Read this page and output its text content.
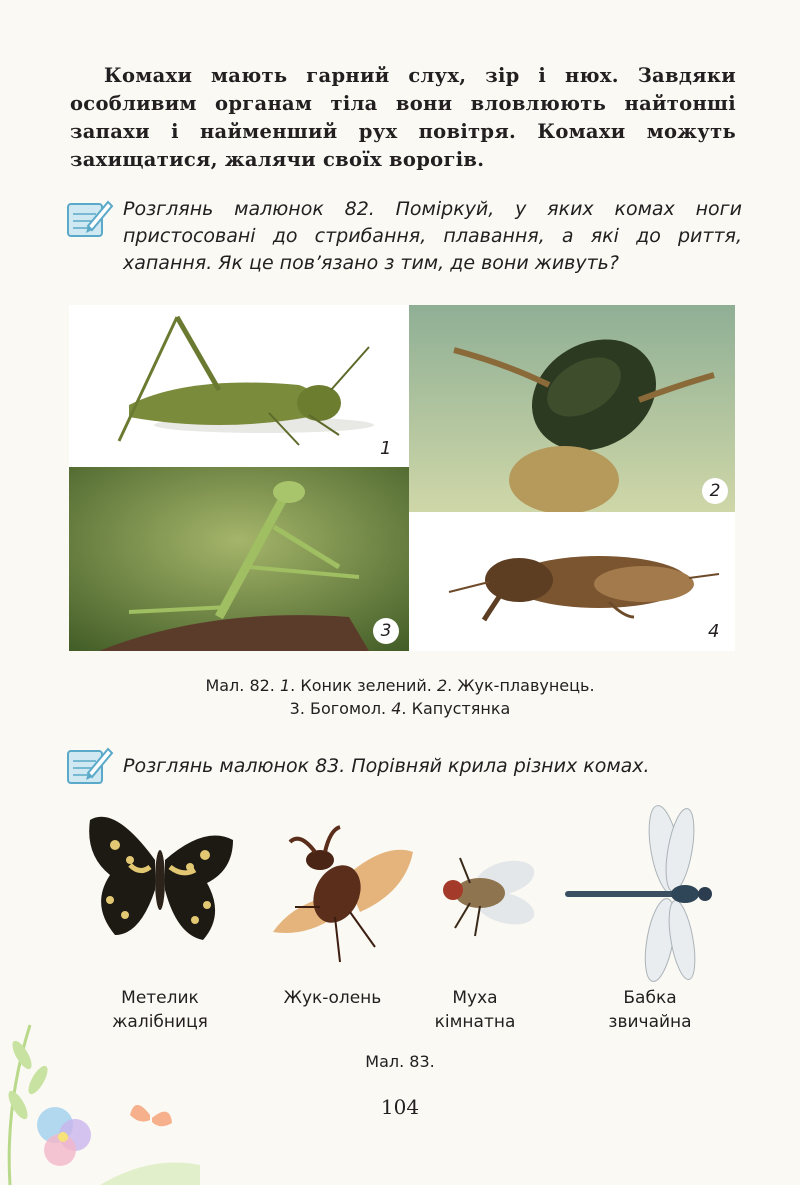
Комахи мають гарний слух, зір і нюх. Завдяки особливим органам тіла вони вловлюють найтонші запахи і найменший рух повітря. Комахи можуть захищатися, жалячи своїх ворогів.

Розглянь малюнок 82. Поміркуй, у яких комах ноги пристосовані до стрибання, плавання, а які до риття, хапання. Як це пов’язано з тим, де вони живуть?

1
2
3	4
Мал. 82. 1. Коник зелений. 2. Жук-плавунець.
3. Богомол. 4. Капустянка

Розглянь малюнок 83. Порівняй крила різних комах.

Метелик
жалібниця
Жук-олень	Муха
кімнатна
Бабка
звичайна
Мал. 83.
104
